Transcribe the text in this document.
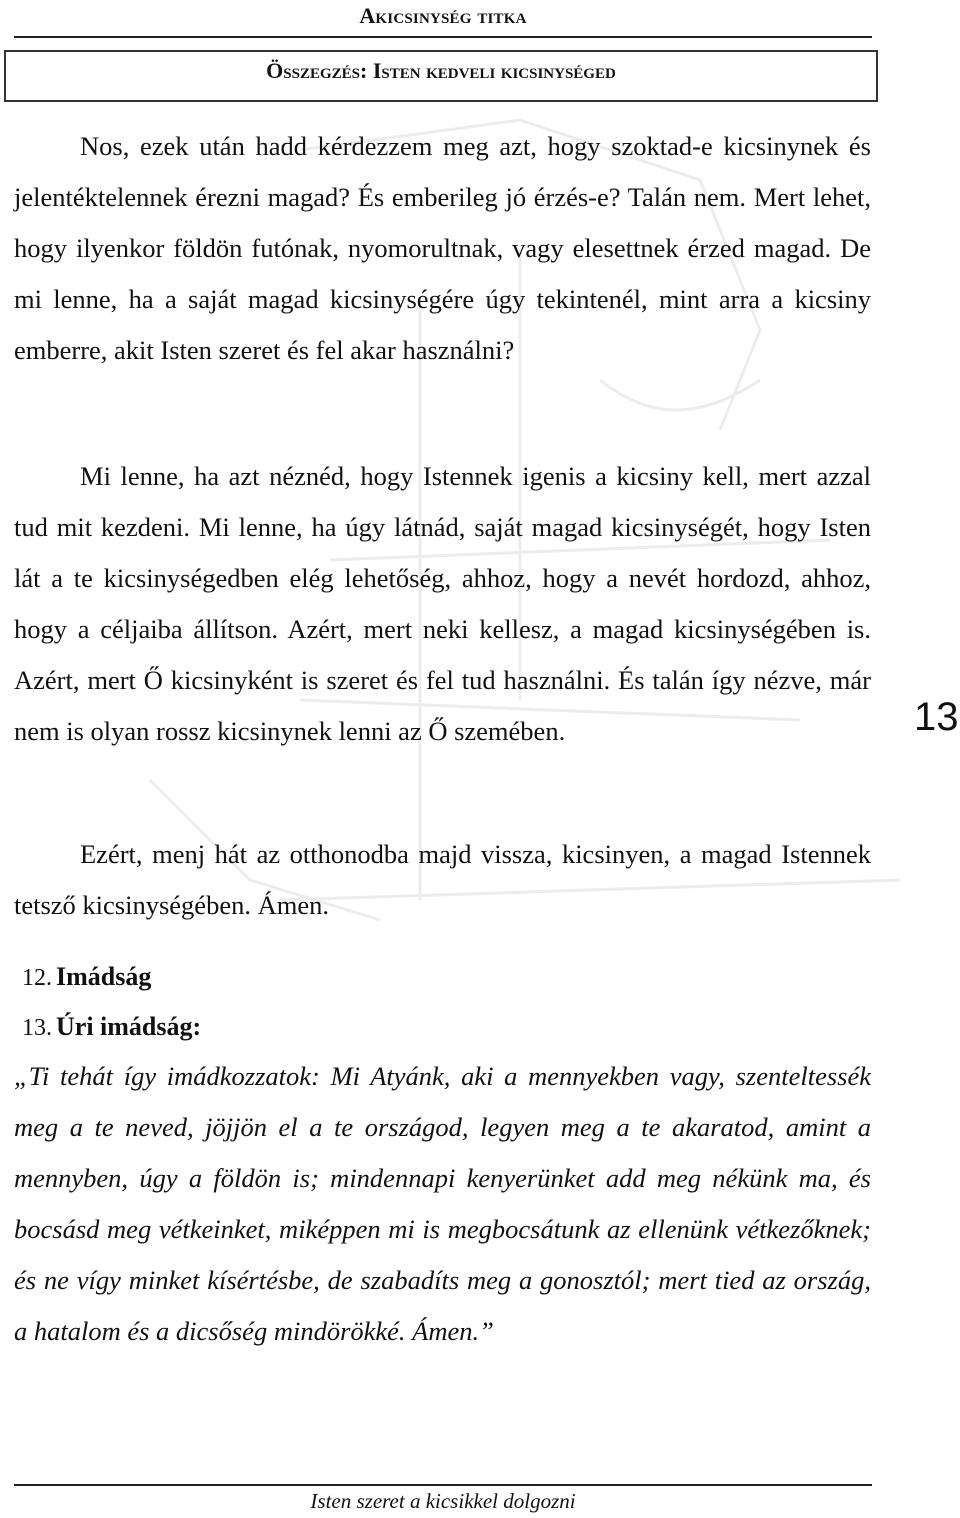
Akicsinység titka
Összegzés: Isten kedveli kicsinységed

Nos, ezek után hadd kérdezzem meg azt, hogy szoktad-e kicsinynek és jelentéktelennek érezni magad? És emberileg jó érzés-e? Talán nem. Mert lehet, hogy ilyenkor földön futónak, nyomorultnak, vagy elesettnek érzed magad. De mi lenne, ha a saját magad kicsinységére úgy tekintenél, mint arra a kicsiny emberre, akit Isten szeret és fel akar használni?

Mi lenne, ha azt néznéd, hogy Istennek igenis a kicsiny kell, mert azzal tud mit kezdeni. Mi lenne, ha úgy látnád, saját magad kicsinységét, hogy Isten lát a te kicsinységedben elég lehetőség, ahhoz, hogy a nevét hordozd, ahhoz, hogy a céljaiba állítson. Azért, mert neki kellesz, a magad kicsinységében is. Azért, mert Ő kicsinyként is szeret és fel tud használni. És talán így nézve, már nem is olyan rossz kicsinynek lenni az Ő szemében.

Ezért, menj hát az otthonodba majd vissza, kicsinyen, a magad Istennek tetsző kicsinységében. Ámen.

13
12. Imádság
13. Úri imádság:

„Ti tehát így imádkozzatok: Mi Atyánk, aki a mennyekben vagy, szenteltessék meg a te neved, jöjjön el a te országod, legyen meg a te akaratod, amint a mennyben, úgy a földön is; mindennapi kenyerünket add meg nékünk ma, és bocsásd meg vétkeinket, miképpen mi is megbocsátunk az ellenünk vétkezőknek; és ne vígy minket kísértésbe, de szabadíts meg a gonosztól; mert tied az ország, a hatalom és a dicsőség mindörökké. Ámen.”

Isten szeret a kicsikkel dolgozni
